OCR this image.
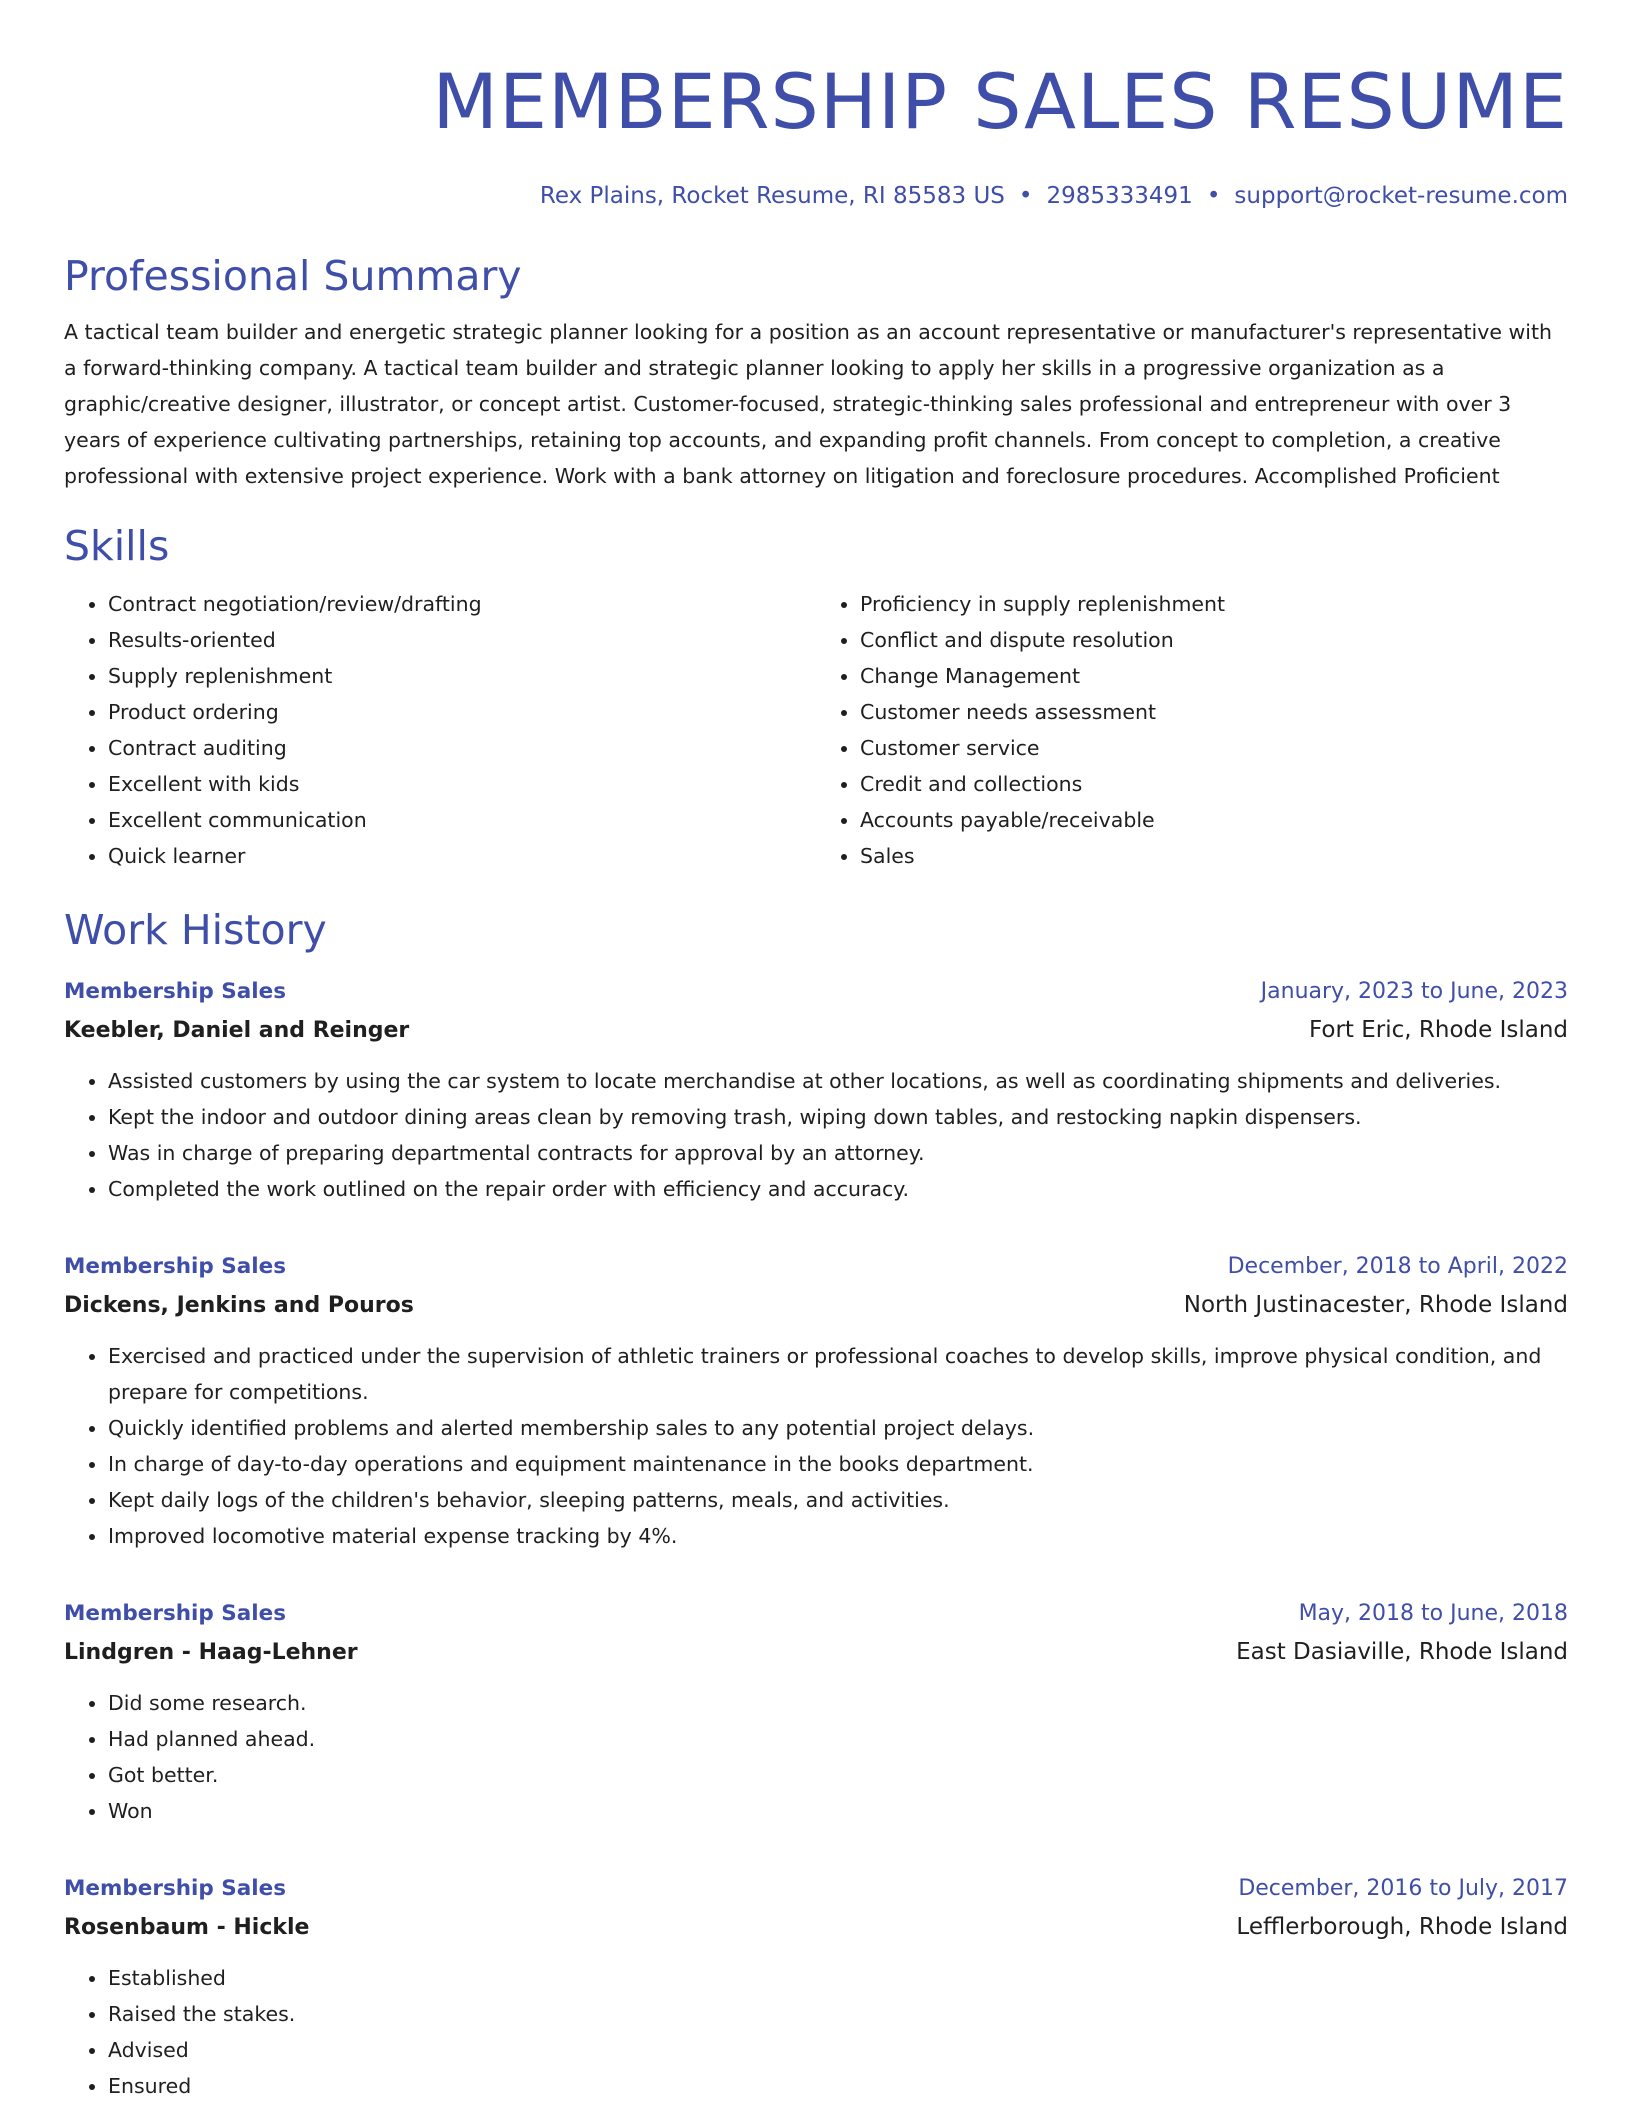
MEMBERSHIP SALES RESUME
Rex Plains, Rocket Resume, RI 85583 US • 2985333491 • support@rocket-resume.com
Professional Summary
A tactical team builder and energetic strategic planner looking for a position as an account representative or manufacturer's representative with a forward-thinking company. A tactical team builder and strategic planner looking to apply her skills in a progressive organization as a graphic/creative designer, illustrator, or concept artist. Customer-focused, strategic-thinking sales professional and entrepreneur with over 3 years of experience cultivating partnerships, retaining top accounts, and expanding profit channels. From concept to completion, a creative professional with extensive project experience. Work with a bank attorney on litigation and foreclosure procedures. Accomplished Proficient
Skills
• Contract negotiation/review/drafting
• Results-oriented
• Supply replenishment
• Product ordering
• Contract auditing
• Excellent with kids
• Excellent communication
• Quick learner
• Proficiency in supply replenishment
• Conflict and dispute resolution
• Change Management
• Customer needs assessment
• Customer service
• Credit and collections
• Accounts payable/receivable
• Sales
Work History
Membership Sales	January, 2023 to June, 2023
Keebler, Daniel and Reinger	Fort Eric, Rhode Island
• Assisted customers by using the car system to locate merchandise at other locations, as well as coordinating shipments and deliveries.
• Kept the indoor and outdoor dining areas clean by removing trash, wiping down tables, and restocking napkin dispensers.
• Was in charge of preparing departmental contracts for approval by an attorney.
• Completed the work outlined on the repair order with efficiency and accuracy.
Membership Sales	December, 2018 to April, 2022
Dickens, Jenkins and Pouros	North Justinacester, Rhode Island
• Exercised and practiced under the supervision of athletic trainers or professional coaches to develop skills, improve physical condition, and prepare for competitions.
• Quickly identified problems and alerted membership sales to any potential project delays.
• In charge of day-to-day operations and equipment maintenance in the books department.
• Kept daily logs of the children's behavior, sleeping patterns, meals, and activities.
• Improved locomotive material expense tracking by 4%.
Membership Sales	May, 2018 to June, 2018
Lindgren - Haag-Lehner	East Dasiaville, Rhode Island
• Did some research.
• Had planned ahead.
• Got better.
• Won
Membership Sales	December, 2016 to July, 2017
Rosenbaum - Hickle	Lefflerborough, Rhode Island
• Established
• Raised the stakes.
• Advised
• Ensured
